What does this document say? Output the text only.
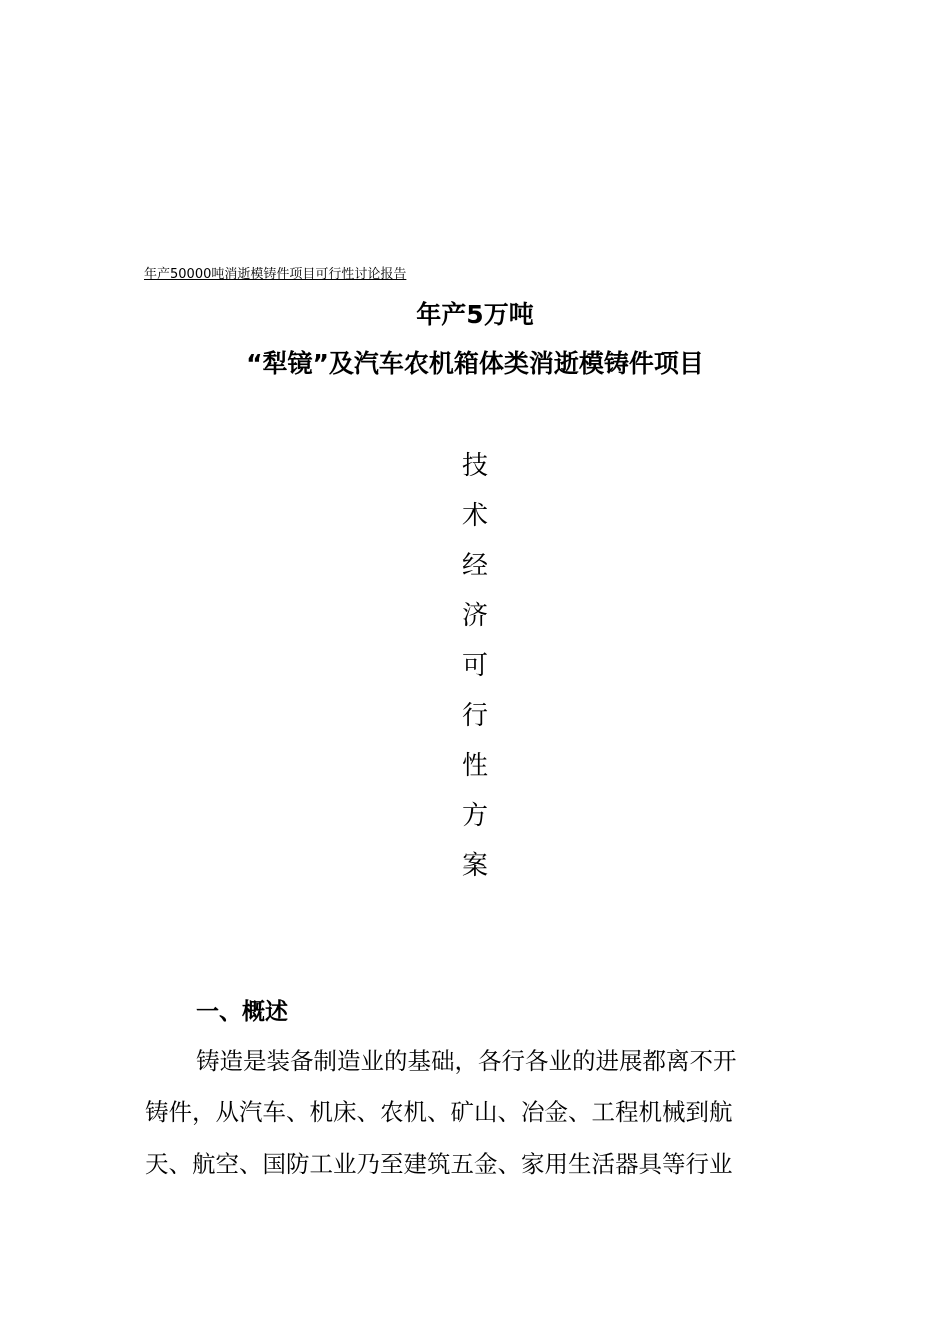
年产50000吨消逝模铸件项目可行性讨论报告
年产5万吨
“犁镜”及汽车农机箱体类消逝模铸件项目
技
术
经
济
可
行
性
方
案
一、概述
铸造是装备制造业的基础，各行各业的进展都离不开
铸件，从汽车、机床、农机、矿山、冶金、工程机械到航
天、航空、国防工业乃至建筑五金、家用生活器具等行业
